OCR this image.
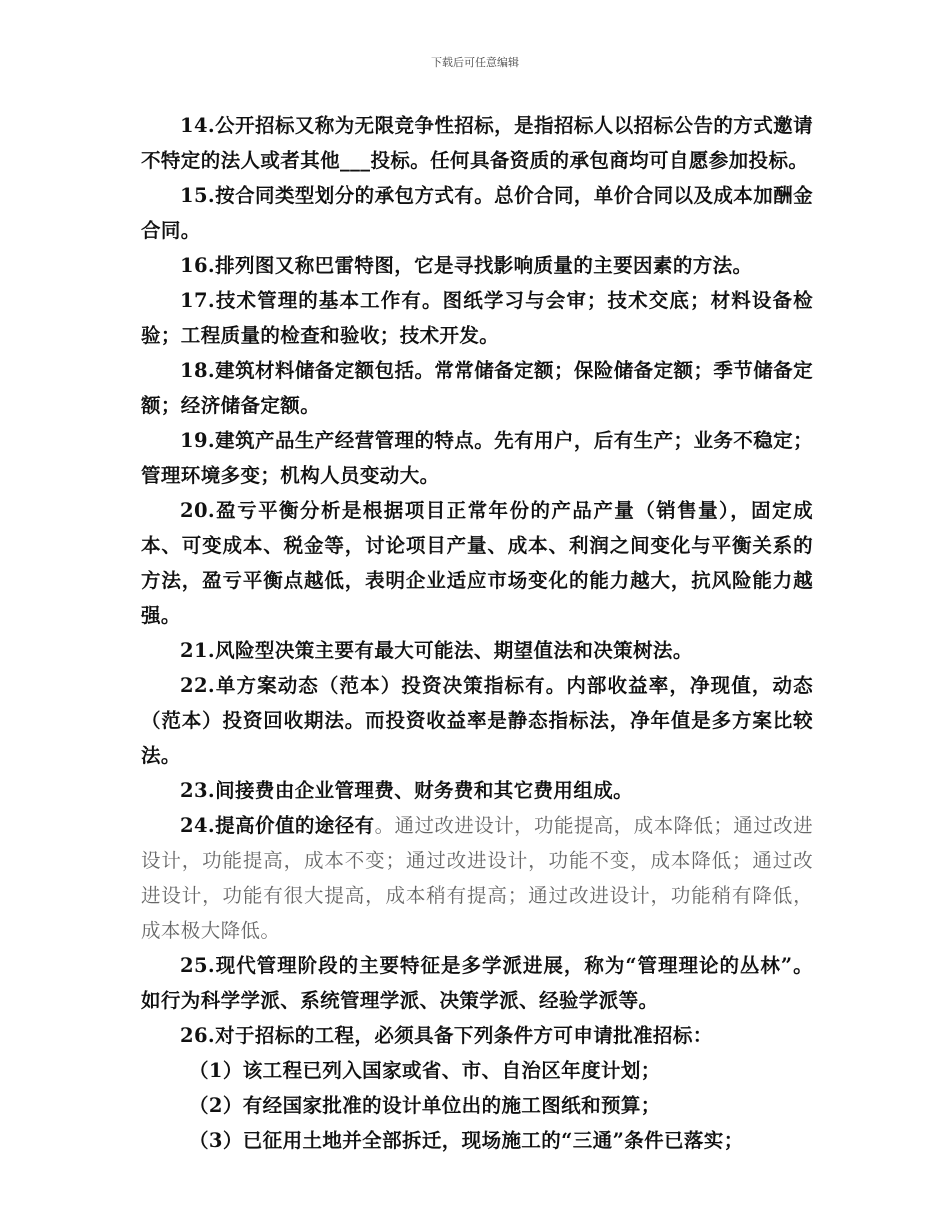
下载后可任意编辑

14.公开招标又称为无限竞争性招标，是指招标人以招标公告的方式邀请不特定的法人或者其他___投标。任何具备资质的承包商均可自愿参加投标。

15.按合同类型划分的承包方式有。总价合同，单价合同以及成本加酬金合同。

16.排列图又称巴雷特图，它是寻找影响质量的主要因素的方法。

17.技术管理的基本工作有。图纸学习与会审；技术交底；材料设备检验；工程质量的检查和验收；技术开发。

18.建筑材料储备定额包括。常常储备定额；保险储备定额；季节储备定额；经济储备定额。

19.建筑产品生产经营管理的特点。先有用户，后有生产；业务不稳定；管理环境多变；机构人员变动大。

20.盈亏平衡分析是根据项目正常年份的产品产量（销售量），固定成本、可变成本、税金等，讨论项目产量、成本、利润之间变化与平衡关系的方法，盈亏平衡点越低，表明企业适应市场变化的能力越大，抗风险能力越强。

21.风险型决策主要有最大可能法、期望值法和决策树法。

22.单方案动态（范本）投资决策指标有。内部收益率，净现值，动态（范本）投资回收期法。而投资收益率是静态指标法，净年值是多方案比较法。

23.间接费由企业管理费、财务费和其它费用组成。

24.提高价值的途径有。通过改进设计，功能提高，成本降低；通过改进设计，功能提高，成本不变；通过改进设计，功能不变，成本降低；通过改进设计，功能有很大提高，成本稍有提高；通过改进设计，功能稍有降低，成本极大降低。

25.现代管理阶段的主要特征是多学派进展，称为“管理理论的丛林”。如行为科学学派、系统管理学派、决策学派、经验学派等。

26.对于招标的工程，必须具备下列条件方可申请批准招标：

（1）该工程已列入国家或省、市、自治区年度计划；

（2）有经国家批准的设计单位出的施工图纸和预算；

（3）已征用土地并全部拆迁，现场施工的“三通”条件已落实；
